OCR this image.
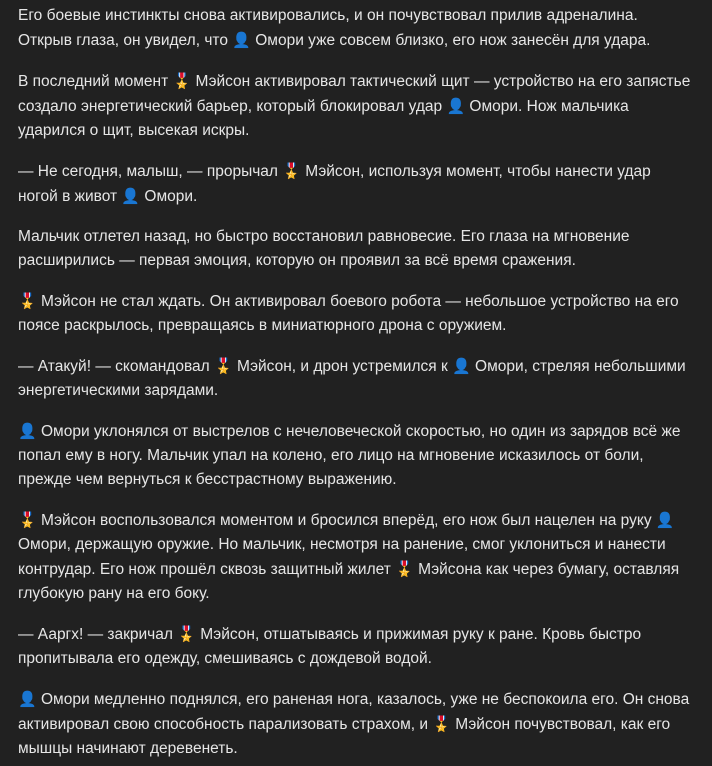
Его боевые инстинкты снова активировались, и он почувствовал прилив адреналина. Открыв глаза, он увидел, что 👤 Омори уже совсем близко, его нож занесён для удара.

В последний момент 🎖️ Мэйсон активировал тактический щит — устройство на его запястье создало энергетический барьер, который блокировал удар 👤 Омори. Нож мальчика ударился о щит, высекая искры.

— Не сегодня, малыш, — прорычал 🎖️ Мэйсон, используя момент, чтобы нанести удар ногой в живот 👤 Омори.

Мальчик отлетел назад, но быстро восстановил равновесие. Его глаза на мгновение расширились — первая эмоция, которую он проявил за всё время сражения.

🎖️ Мэйсон не стал ждать. Он активировал боевого робота — небольшое устройство на его поясе раскрылось, превращаясь в миниатюрного дрона с оружием.

— Атакуй! — скомандовал 🎖️ Мэйсон, и дрон устремился к 👤 Омори, стреляя небольшими энергетическими зарядами.

👤 Омори уклонялся от выстрелов с нечеловеческой скоростью, но один из зарядов всё же попал ему в ногу. Мальчик упал на колено, его лицо на мгновение исказилось от боли, прежде чем вернуться к бесстрастному выражению.

🎖️ Мэйсон воспользовался моментом и бросился вперёд, его нож был нацелен на руку 👤 Омори, держащую оружие. Но мальчик, несмотря на ранение, смог уклониться и нанести контрудар. Его нож прошёл сквозь защитный жилет 🎖️ Мэйсона как через бумагу, оставляя глубокую рану на его боку.

— Ааргх! — закричал 🎖️ Мэйсон, отшатываясь и прижимая руку к ране. Кровь быстро пропитывала его одежду, смешиваясь с дождевой водой.

👤 Омори медленно поднялся, его раненая нога, казалось, уже не беспокоила его. Он снова активировал свою способность парализовать страхом, и 🎖️ Мэйсон почувствовал, как его мышцы начинают деревенеть.
